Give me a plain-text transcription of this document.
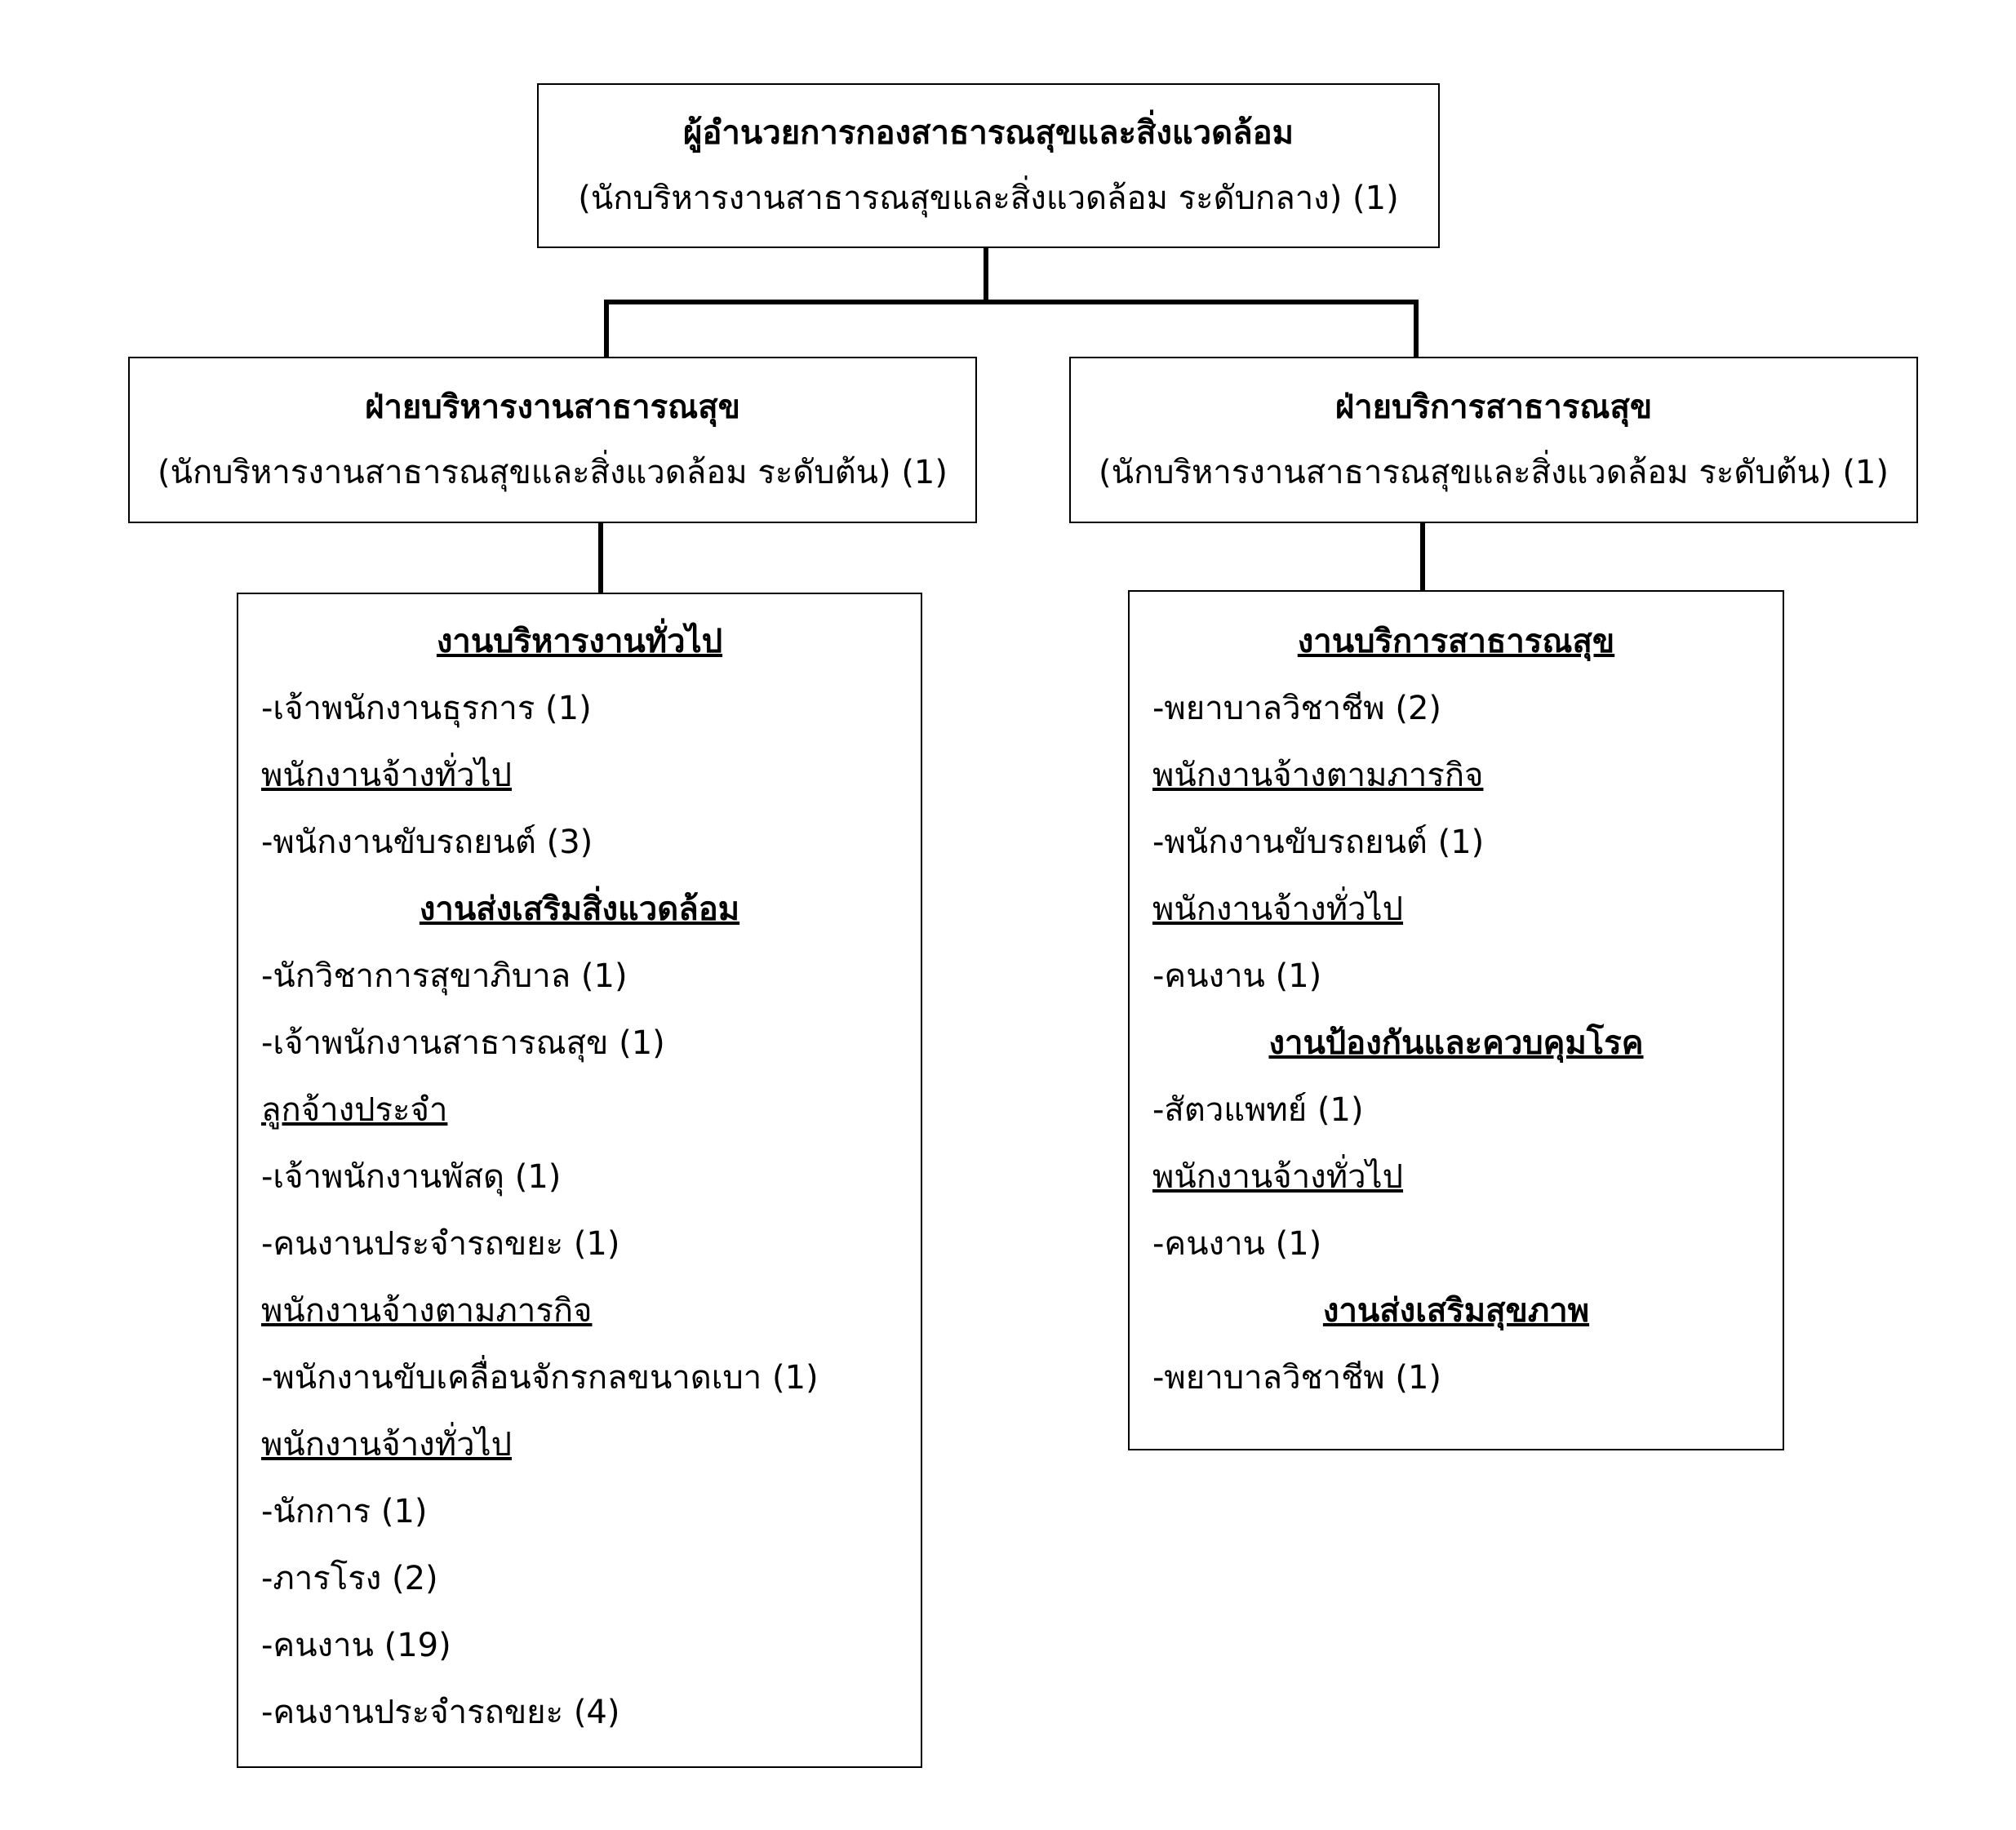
ผู้อำนวยการกองสาธารณสุขและสิ่งแวดล้อม
(นักบริหารงานสาธารณสุขและสิ่งแวดล้อม ระดับกลาง) (1)
ฝ่ายบริหารงานสาธารณสุข
(นักบริหารงานสาธารณสุขและสิ่งแวดล้อม ระดับต้น) (1)
ฝ่ายบริการสาธารณสุข
(นักบริหารงานสาธารณสุขและสิ่งแวดล้อม ระดับต้น) (1)
งานบริหารงานทั่วไป
-เจ้าพนักงานธุรการ (1)
พนักงานจ้างทั่วไป
-พนักงานขับรถยนต์ (3)
งานส่งเสริมสิ่งแวดล้อม
-นักวิชาการสุขาภิบาล (1)
-เจ้าพนักงานสาธารณสุข (1)
ลูกจ้างประจำ
-เจ้าพนักงานพัสดุ (1)
-คนงานประจำรถขยะ (1)
พนักงานจ้างตามภารกิจ
-พนักงานขับเคลื่อนจักรกลขนาดเบา (1)
พนักงานจ้างทั่วไป
-นักการ (1)
-ภารโรง (2)
-คนงาน (19)
-คนงานประจำรถขยะ (4)
งานบริการสาธารณสุข
-พยาบาลวิชาชีพ (2)
พนักงานจ้างตามภารกิจ
-พนักงานขับรถยนต์ (1)
พนักงานจ้างทั่วไป
-คนงาน (1)
งานป้องกันและควบคุมโรค
-สัตวแพทย์ (1)
พนักงานจ้างทั่วไป
-คนงาน (1)
งานส่งเสริมสุขภาพ
-พยาบาลวิชาชีพ (1)
